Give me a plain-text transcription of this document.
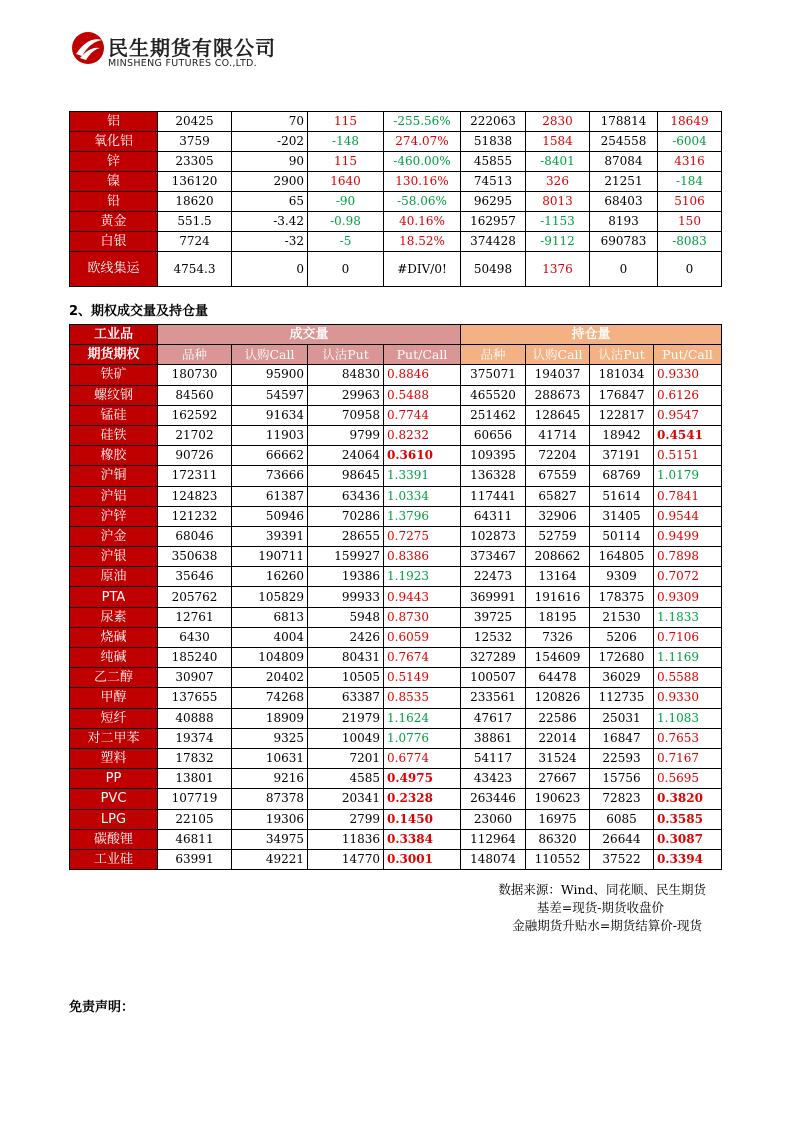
民生期货有限公司
MINSHENG FUTURES CO.,LTD.
铝	20425	70	115	-255.56%	222063	2830	178814	18649
氧化铝	3759	-202	-148	274.07%	51838	1584	254558	-6004
锌	23305	90	115	-460.00%	45855	-8401	87084	4316
镍	136120	2900	1640	130.16%	74513	326	21251	-184
铅	18620	65	-90	-58.06%	96295	8013	68403	5106
黄金	551.5	-3.42	-0.98	40.16%	162957	-1153	8193	150
白银	7724	-32	-5	18.52%	374428	-9112	690783	-8083
欧线集运	4754.3	0	0	#DIV/0!	50498	1376	0	0
2、期权成交量及持仓量
工业品	成交量				持仓量			
期货期权	品种	认购Call	认沽Put	Put/Call	品种	认购Call	认沽Put	Put/Call
铁矿	180730	95900	84830	0.8846	375071	194037	181034	0.9330
螺纹钢	84560	54597	29963	0.5488	465520	288673	176847	0.6126
锰硅	162592	91634	70958	0.7744	251462	128645	122817	0.9547
硅铁	21702	11903	9799	0.8232	60656	41714	18942	0.4541
橡胶	90726	66662	24064	0.3610	109395	72204	37191	0.5151
沪铜	172311	73666	98645	1.3391	136328	67559	68769	1.0179
沪铝	124823	61387	63436	1.0334	117441	65827	51614	0.7841
沪锌	121232	50946	70286	1.3796	64311	32906	31405	0.9544
沪金	68046	39391	28655	0.7275	102873	52759	50114	0.9499
沪银	350638	190711	159927	0.8386	373467	208662	164805	0.7898
原油	35646	16260	19386	1.1923	22473	13164	9309	0.7072
PTA	205762	105829	99933	0.9443	369991	191616	178375	0.9309
尿素	12761	6813	5948	0.8730	39725	18195	21530	1.1833
烧碱	6430	4004	2426	0.6059	12532	7326	5206	0.7106
纯碱	185240	104809	80431	0.7674	327289	154609	172680	1.1169
乙二醇	30907	20402	10505	0.5149	100507	64478	36029	0.5588
甲醇	137655	74268	63387	0.8535	233561	120826	112735	0.9330
短纤	40888	18909	21979	1.1624	47617	22586	25031	1.1083
对二甲苯	19374	9325	10049	1.0776	38861	22014	16847	0.7653
塑料	17832	10631	7201	0.6774	54117	31524	22593	0.7167
PP	13801	9216	4585	0.4975	43423	27667	15756	0.5695
PVC	107719	87378	20341	0.2328	263446	190623	72823	0.3820
LPG	22105	19306	2799	0.1450	23060	16975	6085	0.3585
碳酸锂	46811	34975	11836	0.3384	112964	86320	26644	0.3087
工业硅	63991	49221	14770	0.3001	148074	110552	37522	0.3394
数据来源：Wind、同花顺、民生期货
基差=现货-期货收盘价
金融期货升贴水=期货结算价-现货
免责声明：
